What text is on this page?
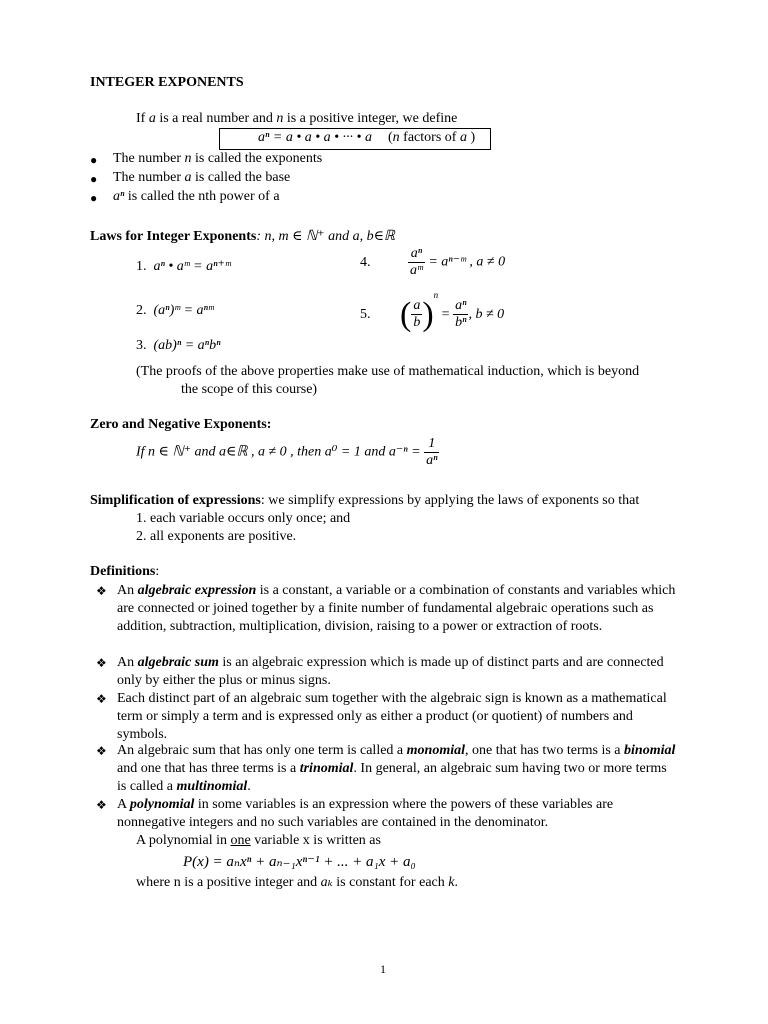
INTEGER EXPONENTS
If a is a real number and n is a positive integer, we define
aⁿ = a • a • a • ··· • a (n factors of a )
● The number n is called the exponents
● The number a is called the base
● aⁿ is called the nth power of a
Laws for Integer Exponents: n, m ∈ ℕ⁺ and a, b∈ℝ
1. aⁿ • aᵐ = aⁿ⁺ᵐ
2. (aⁿ)ᵐ = aⁿᵐ
3. (ab)ⁿ = aⁿbⁿ
4.	$\frac{\text{aⁿ}}{\text{aᵐ}}$ = aⁿ⁻ᵐ , a ≠ 0
5. ( $\frac{a}{b} )^n = \frac{\text{aⁿ}}{\text{bⁿ}}$ , b ≠ 0
(The proofs of the above properties make use of mathematical induction, which is beyond
the scope of this course)
Zero and Negative Exponents:
If n ∈ ℕ⁺ and a∈ℝ , a ≠ 0 , then a⁰ = 1 and $a^{-n} = \frac{1}{\text{aⁿ}}$
Simplification of expressions: we simplify expressions by applying the laws of exponents so that
1. each variable occurs only once; and
2. all exponents are positive.
Definitions:
❖ An algebraic expression is a constant, a variable or a combination of constants and variables which are connected or joined together by a finite number of fundamental algebraic operations such as addition, subtraction, multiplication, division, raising to a power or extraction of roots.
❖ An algebraic sum is an algebraic expression which is made up of distinct parts and are connected only by either the plus or minus signs.
❖ Each distinct part of an algebraic sum together with the algebraic sign is known as a mathematical term or simply a term and is expressed only as either a product (or quotient) of numbers and symbols.
❖ An algebraic sum that has only one term is called a monomial, one that has two terms is a binomial and one that has three terms is a trinomial. In general, an algebraic sum having two or more terms is called a multinomial.
❖ A polynomial in some variables is an expression where the powers of these variables are nonnegative integers and no such variables are contained in the denominator.
A polynomial in one variable x is written as
P(x) = aₙxⁿ + aₙ₋₁xⁿ⁻¹ + ... + a₁x + a₀
where n is a positive integer and aₖ is constant for each k.
1
